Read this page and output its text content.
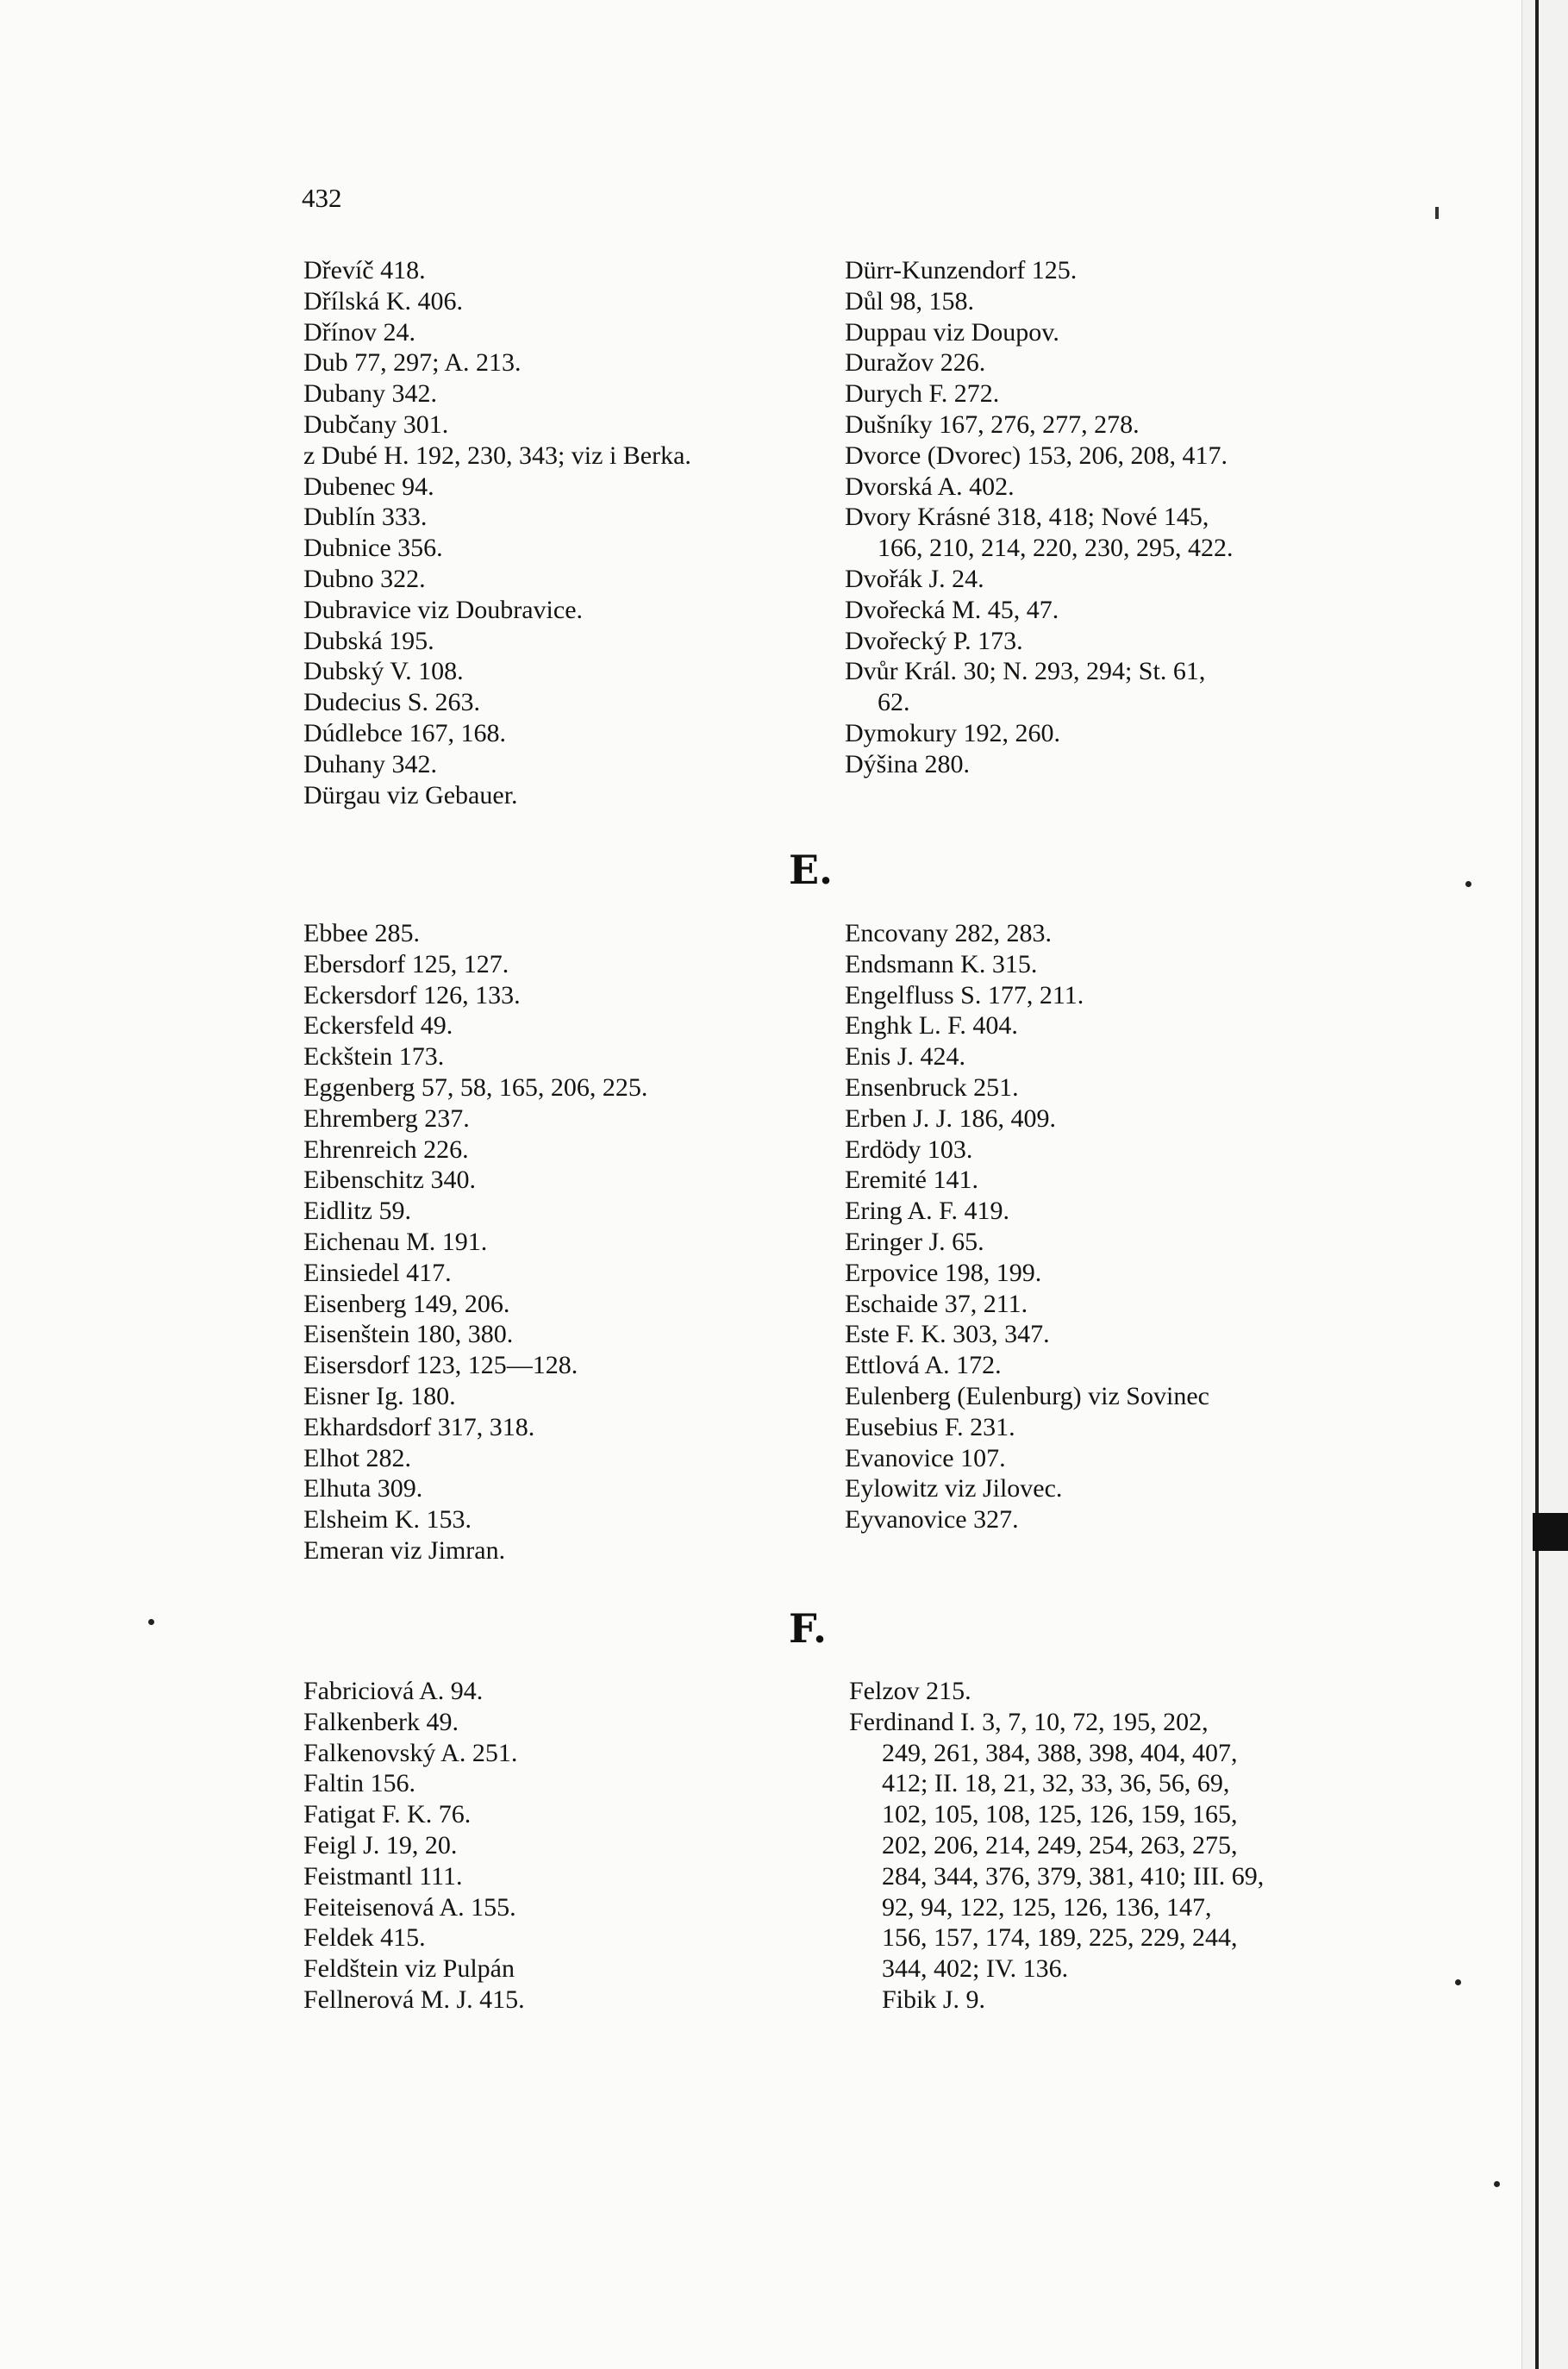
432
Dřevíč 418.
Dřílská K. 406.
Dřínov 24.
Dub 77, 297; A. 213.
Dubany 342.
Dubčany 301.
z Dubé H. 192, 230, 343; viz i Berka.
Dubenec 94.
Dublín 333.
Dubnice 356.
Dubno 322.
Dubravice viz Doubravice.
Dubská 195.
Dubský V. 108.
Dudecius S. 263.
Dúdlebce 167, 168.
Duhany 342.
Dürgau viz Gebauer.
Dürr-Kunzendorf 125.
Důl 98, 158.
Duppau viz Doupov.
Duražov 226.
Durych F. 272.
Dušníky 167, 276, 277, 278.
Dvorce (Dvorec) 153, 206, 208, 417.
Dvorská A. 402.
Dvory Krásné 318, 418; Nové 145,
166, 210, 214, 220, 230, 295, 422.
Dvořák J. 24.
Dvořecká M. 45, 47.
Dvořecký P. 173.
Dvůr Král. 30; N. 293, 294; St. 61,
62.
Dymokury 192, 260.
Dýšina 280.
E.
Ebbee 285.
Ebersdorf 125, 127.
Eckersdorf 126, 133.
Eckersfeld 49.
Eckštein 173.
Eggenberg 57, 58, 165, 206, 225.
Ehremberg 237.
Ehrenreich 226.
Eibenschitz 340.
Eidlitz 59.
Eichenau M. 191.
Einsiedel 417.
Eisenberg 149, 206.
Eisenštein 180, 380.
Eisersdorf 123, 125—128.
Eisner Ig. 180.
Ekhardsdorf 317, 318.
Elhot 282.
Elhuta 309.
Elsheim K. 153.
Emeran viz Jimran.
Encovany 282, 283.
Endsmann K. 315.
Engelfluss S. 177, 211.
Enghk L. F. 404.
Enis J. 424.
Ensenbruck 251.
Erben J. J. 186, 409.
Erdödy 103.
Eremité 141.
Ering A. F. 419.
Eringer J. 65.
Erpovice 198, 199.
Eschaide 37, 211.
Este F. K. 303, 347.
Ettlová A. 172.
Eulenberg (Eulenburg) viz Sovinec
Eusebius F. 231.
Evanovice 107.
Eylowitz viz Jilovec.
Eyvanovice 327.
F.
Fabriciová A. 94.
Falkenberk 49.
Falkenovský A. 251.
Faltin 156.
Fatigat F. K. 76.
Feigl J. 19, 20.
Feistmantl 111.
Feiteisenová A. 155.
Feldek 415.
Feldštein viz Pulpán
Fellnerová M. J. 415.
Felzov 215.
Ferdinand I. 3, 7, 10, 72, 195, 202,
249, 261, 384, 388, 398, 404, 407,
412; II. 18, 21, 32, 33, 36, 56, 69,
102, 105, 108, 125, 126, 159, 165,
202, 206, 214, 249, 254, 263, 275,
284, 344, 376, 379, 381, 410; III. 69,
92, 94, 122, 125, 126, 136, 147,
156, 157, 174, 189, 225, 229, 244,
344, 402; IV. 136.
Fibik J. 9.
